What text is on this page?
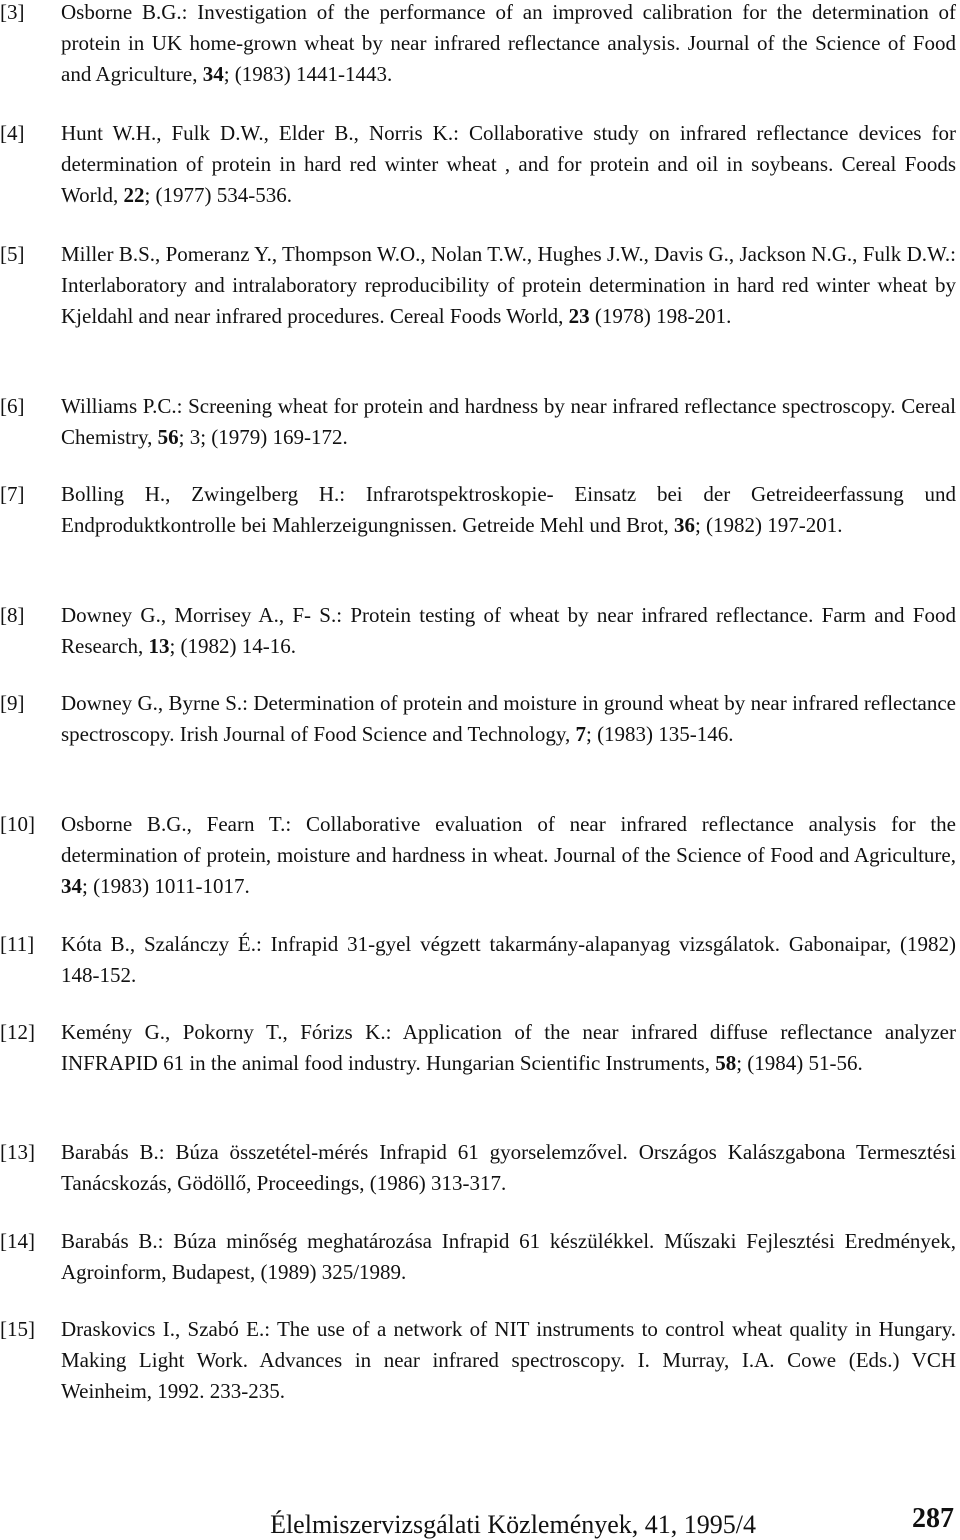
[3] Osborne B.G.: Investigation of the performance of an improved calibration for the determination of protein in UK home-grown wheat by near infrared reflectance analysis. Journal of the Science of Food and Agriculture, 34; (1983) 1441-1443.
[4] Hunt W.H., Fulk D.W., Elder B., Norris K.: Collaborative study on infrared reflectance devices for determination of protein in hard red winter wheat , and for protein and oil in soybeans. Cereal Foods World, 22; (1977) 534-536.
[5] Miller B.S., Pomeranz Y., Thompson W.O., Nolan T.W., Hughes J.W., Davis G., Jackson N.G., Fulk D.W.: Interlaboratory and intralaboratory reproducibility of protein determination in hard red winter wheat by Kjeldahl and near infrared procedures. Cereal Foods World, 23 (1978) 198-201.
[6] Williams P.C.: Screening wheat for protein and hardness by near infrared reflectance spectroscopy. Cereal Chemistry, 56; 3; (1979) 169-172.
[7] Bolling H., Zwingelberg H.: Infrarotspektroskopie- Einsatz bei der Getreideerfassung und Endproduktkontrolle bei Mahlerzeigungnissen. Getreide Mehl und Brot, 36; (1982) 197-201.
[8] Downey G., Morrisey A., F- S.: Protein testing of wheat by near infrared reflectance. Farm and Food Research, 13; (1982) 14-16.
[9] Downey G., Byrne S.: Determination of protein and moisture in ground wheat by near infrared reflectance spectroscopy. Irish Journal of Food Science and Technology, 7; (1983) 135-146.
[10] Osborne B.G., Fearn T.: Collaborative evaluation of near infrared reflectance analysis for the determination of protein, moisture and hardness in wheat. Journal of the Science of Food and Agriculture, 34; (1983) 1011-1017.
[11] Kóta B., Szalánczy É.: Infrapid 31-gyel végzett takarmány-alapanyag vizsgálatok. Gabonaipar, (1982) 148-152.
[12] Kemény G., Pokorny T., Fórizs K.: Application of the near infrared diffuse reflectance analyzer INFRAPID 61 in the animal food industry. Hungarian Scientific Instruments, 58; (1984) 51-56.
[13] Barabás B.: Búza összetétel-mérés Infrapid 61 gyorselemzővel. Országos Kalászgabona Termesztési Tanácskozás, Gödöllő, Proceedings, (1986) 313-317.
[14] Barabás B.: Búza minőség meghatározása Infrapid 61 készülékkel. Műszaki Fejlesztési Eredmények, Agroinform, Budapest, (1989) 325/1989.
[15] Draskovics I., Szabó E.: The use of a network of NIT instruments to control wheat quality in Hungary. Making Light Work. Advances in near infrared spectroscopy. I. Murray, I.A. Cowe (Eds.) VCH Weinheim, 1992. 233-235.
Élelmiszervizsgálati Közlemények, 41, 1995/4	287
